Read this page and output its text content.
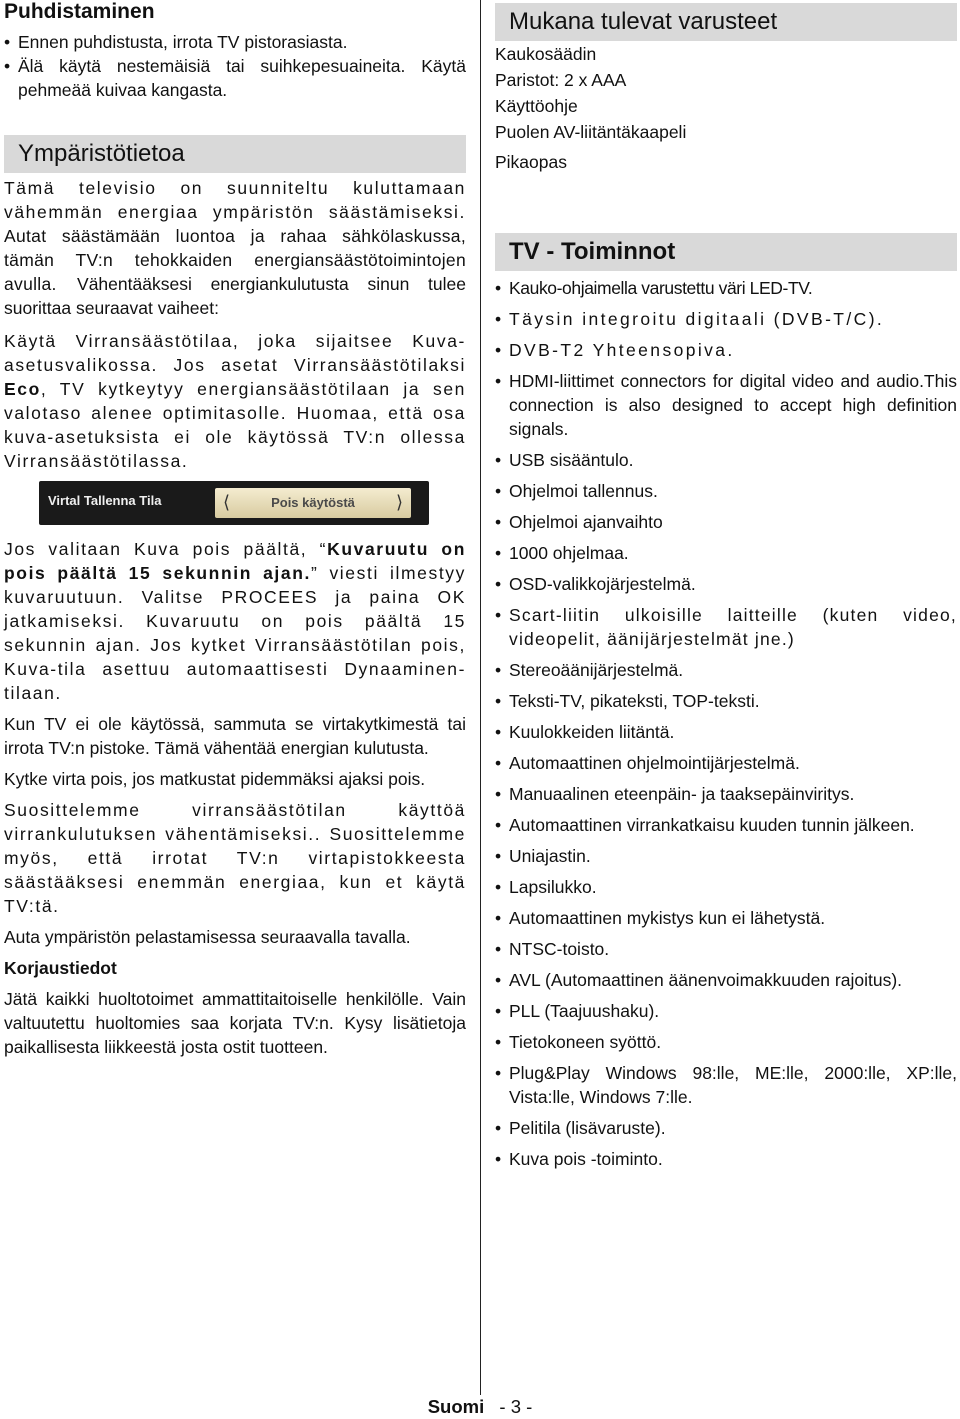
Puhdistaminen
• Ennen puhdistusta, irrota TV pistorasiasta.
• Älä käytä nestemäisiä tai suihkepesuaineita. Käytä pehmeää kuivaa kangasta.
Ympäristötietoa

Tämä televisio on suunniteltu kuluttamaan vähemmän energiaa ympäristön säästämiseksi. Autat säästämään luontoa ja rahaa sähkölaskussa, tämän TV:n tehokkaiden energiansäästötoimintojen avulla. Vähentääksesi energiankulutusta sinun tulee suorittaa seuraavat vaiheet:

Käytä Virransäästötilaa, joka sijaitsee Kuva-asetusvalikossa. Jos asetat Virransäästötilaksi Eco, TV kytkeytyy energiansäästötilaan ja sen valotaso alenee optimitasolle. Huomaa, että osa kuva-asetuksista ei ole käytössä TV:n ollessa Virransäästötilassa.

Virtal Tallenna Tila	⟨	Pois käytöstä	⟩

Jos valitaan Kuva pois päältä, “Kuvaruutu on pois päältä 15 sekunnin ajan.” viesti ilmestyy kuvaruutuun. Valitse PROCEES ja paina OK jatkamiseksi. Kuvaruutu on pois päältä 15 sekunnin ajan. Jos kytket Virransäästötilan pois, Kuva-tila asettuu automaattisesti Dynaaminen-tilaan.

Kun TV ei ole käytössä, sammuta se virtakytkimestä tai irrota TV:n pistoke. Tämä vähentää energian kulutusta.

Kytke virta pois, jos matkustat pidemmäksi ajaksi pois.

Suosittelemme virransäästötilan käyttöä virrankulutuksen vähentämiseksi.. Suosittelemme myös, että irrotat TV:n virtapistokkeesta säästääksesi enemmän energiaa, kun et käytä TV:tä.

Auta ympäristön pelastamisessa seuraavalla tavalla.

Korjaustiedot

Jätä kaikki huoltotoimet ammattitaitoiselle henkilölle. Vain valtuutettu huoltomies saa korjata TV:n. Kysy lisätietoja paikallisesta liikkeestä josta ostit tuotteen.

Mukana tulevat varusteet

Kaukosäädin

Paristot: 2 x AAA

Käyttöohje

Puolen AV-liitäntäkaapeli

Pikaopas

TV - Toiminnot
• Kauko-ohjaimella varustettu väri LED-TV.
• Täysin integroitu digitaali (DVB-T/C).
• DVB-T2 Yhteensopiva.
• HDMI-liittimet connectors for digital video and audio.This connection is also designed to accept high definition signals.
• USB sisääntulo.
• Ohjelmoi tallennus.
• Ohjelmoi ajanvaihto
• 1000 ohjelmaa.
• OSD-valikkojärjestelmä.
• Scart-liitin ulkoisille laitteille (kuten video, videopelit, äänijärjestelmät jne.)
• Stereoäänijärjestelmä.
• Teksti-TV, pikateksti, TOP-teksti.
• Kuulokkeiden liitäntä.
• Automaattinen ohjelmointijärjestelmä.
• Manuaalinen eteenpäin- ja taaksepäinviritys.
• Automaattinen virrankatkaisu kuuden tunnin jälkeen.
• Uniajastin.
• Lapsilukko.
• Automaattinen mykistys kun ei lähetystä.
• NTSC-toisto.
• AVL (Automaattinen äänenvoimakkuuden rajoitus).
• PLL (Taajuushaku).
• Tietokoneen syöttö.
• Plug&Play Windows 98:lle, ME:lle, 2000:lle, XP:lle, Vista:lle, Windows 7:lle.
• Pelitila (lisävaruste).
• Kuva pois -toiminto.
Suomi - 3 -
